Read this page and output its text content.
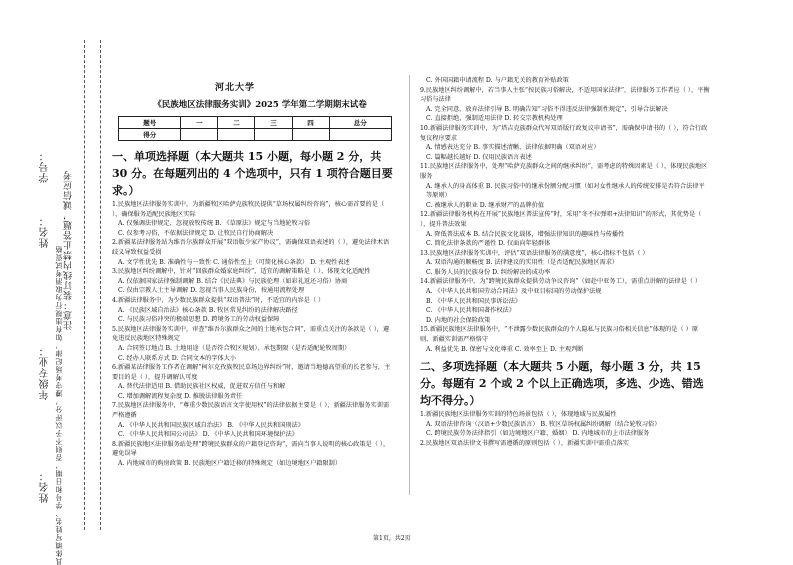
学号：
姓名： 注意：装订线内禁止答题，诚信应考
年级专业： 具体填写姓名、学号和日期，否则不予以评分，遵守考场纪律，如有违规行为取消考试资格
姓名：
河北大学
《民族地区法律服务实训》2025 学年第二学期期末试卷
题号	一	二	三	四	总分
得分					
一、单项选择题（本大题共 15 小题，每小题 2 分，共 30 分。在每题列出的 4 个选项中，只有 1 项符合题目要求。）
1.民族地区法律服务实训中，为新疆牧区哈萨克族牧民提供“草场权属纠纷咨询”，核心需首要的是（ ），确保服务适配民族地区实际
A. 仅强调法律规定，忽视放牧传统 B. 《草原法》规定与当地轮牧习俗
C. 仅参考习俗，不依据法律规定 D. 让牧民自行协商解决
2.新疆某法律服务站为维吾尔族群众开展“双语版少家产协议”，需确保双语表述的（ ），避免法律术语歧义导致权益受损
A. 文学性优先 B. 准确性与一致性 C. 通俗性至上（可简化核心条款） D. 主观性表述
3.民族地区纠纷调解中，针对“回族群众婚家庭纠纷”，适宜的调解策略是（ ），体现文化适配性
A. 仅依据国家法律强制调解 B. 结合《民法典》与民族伦理（如彩礼返还习俗）协商
C. 仅由宗教人士主导调解 D. 忽视当事人民族身份，按通用流程处理
4.新疆法律服务中，为少数民族群众提供“双语普法”时，不适宜的内容是（ ）
A. 《民族区域自治法》核心条款 B. 牧区常见纠纷的法律解决路径
C. 与民族习俗冲突的极端思想 D. 跨境务工的劳动权益保障
5.民族地区法律服务实训中，审查“维吾尔族群众之间的土地承包合同”，需重点关注的条款是（ ），避免违反民族地区特殊规定
A. 合同签订地点 B. 土地用途（是否符合牧区规划）、承包期限（是否适配轮牧周期）
C. 经办人联系方式 D. 合同文本的字体大小
6.新疆某法律服务工作者在调解“柯尔克孜族牧民草场边界纠纷”时，邀请当地德高望重的长老参与，主要目的是（ ），提升调解认可度
A. 替代法律适用 B. 借助民族社区权威，促进双方信任与和解
C. 增加调解流程复杂度 D. 推脱法律服务责任
7.民族地区法律服务中，“尊重少数民族语言文字使用权”的法律依据主要是（ ），新疆法律服务实训需严格遵循
A. 《中华人民共和国民族区域自治法》 B. 《中华人民共和国刑法》
C. 《中华人民共和国公司法》 D. 《中华人民共和国环境保护法》
8.新疆民族地区法律服务站处理“跨境民族群众的户籍登记咨询”，需向当事人说明的核心政策是（ ），避免误导
A. 内地城市的购房政策 B. 民族地区户籍迁移的特殊规定（如边境地区户籍限制）
C. 外国国籍申请流程 D. 与户籍无关的教育补贴政策
9.民族地区纠纷调解中，若当事人主张“按民族习俗解决，不适用国家法律”，法律服务工作者应（ ），平衡习俗与法律
A. 完全同意，放弃法律引导 B. 明确告知“习俗不得违反法律强制性规定”，引导合法解决
C. 直接拒绝，强制适用法律 D. 转交宗教机构处理
10.新疆法律服务实训中，为“塔吉克族群众代写双语版行政复议申请书”，需确保申请书的（ ），符合行政复议程序要求
A. 情感表达充分 B. 事实描述清晰、法律依据明确（双语对应）
C. 篇幅越长越好 D. 仅用民族语言表述
11.民族地区法律服务中，处理“哈萨克族群众之间的继承纠纷”，需考虑的特殊因素是（ ），体现民族地区服务
A. 继承人的身高体重 B. 民族习俗中的继承份额分配习惯（如对女性继承人的传统安排是否符合法律平等原则）
C. 被继承人的职业 D. 继承财产的品牌价值
12.新疆法律服务机构在开展“民族地区普法宣传”时，采用“冬不拉弹唱+法律知识”的形式，其优势是（ ），提升普法效果
A. 降低普法成本 B. 结合民族文化载体，增强法律知识的趣味性与传播性
C. 简化法律条款的严谨性 D. 仅面向年轻群体
13.民族地区法律服务实训中，评估“双语法律服务的满意度”，核心指标不包括（ ）
A. 双语沟通的顺畅度 B. 法律建议的实用性（是否适配民族地区需求）
C. 服务人员的民族身份 D. 纠纷解决的成功率
14.新疆法律服务中，为“跨境民族群众提供劳动争议咨询”（如赴中亚务工），需重点讲解的法律是（ ）
A. 《中华人民共和国劳动合同法》及中亚目标国的劳动保护法规
B. 《中华人民共和国民事诉讼法》
C. 《中华人民共和国著作权法》
D. 内地的社会保险政策
15.新疆民族地区法律服务中，“不泄露少数民族群众的个人隐私与民族习俗相关信息”体现的是（ ）原则，新疆实训需严格恪守
A. 利益优先 B. 保密与文化尊重 C. 效率至上 D. 主观判断
二、多项选择题（本大题共 5 小题，每小题 3 分，共 15 分。每题有 2 个或 2 个以上正确选项，多选、少选、错选均不得分。）
1.新疆民族地区法律服务实训的特色场景包括（ ），体现地域与民族属性
A. 双语法律咨询（汉语+少数民族语言） B. 牧区草场权属纠纷调解（结合轮牧习俗）
C. 跨境民族劳务法律指引（如边境地区户籍、婚姻） D. 内地城市的上市法律服务
2.民族地区双语法律文书撰写需遵循的原则包括（ ），新疆实训中需重点落实
第1页，共2页
